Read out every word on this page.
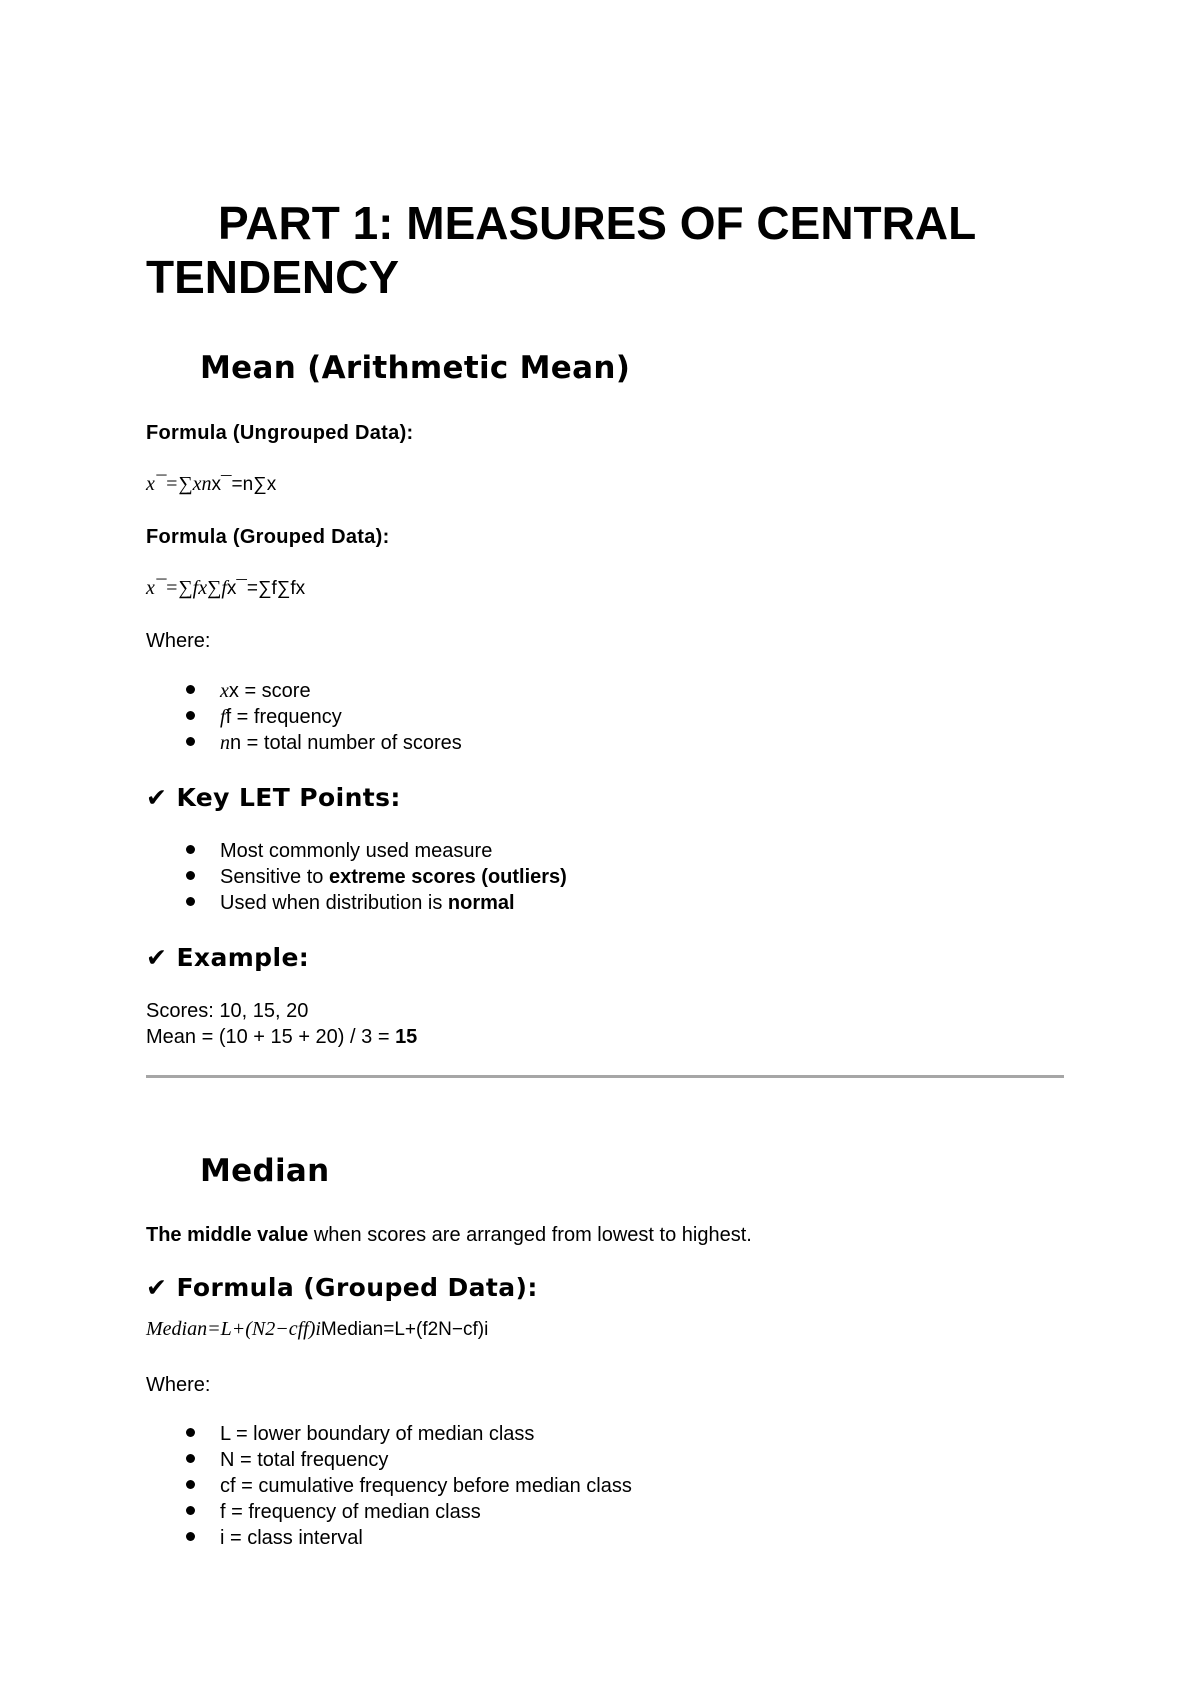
PART 1: MEASURES OF CENTRAL
TENDENCY
Mean (Arithmetic Mean)
Formula (Ungrouped Data):
x¯=∑xnx¯=n∑x
Formula (Grouped Data):
x¯=∑fx∑fx¯=∑f∑fx
Where:
xx = score
ff = frequency
nn = total number of scores
✔ Key LET Points:
Most commonly used measure
Sensitive to extreme scores (outliers)
Used when distribution is normal
✔ Example:
Scores: 10, 15, 20
Mean = (10 + 15 + 20) / 3 = 15
Median
The middle value when scores are arranged from lowest to highest.
✔ Formula (Grouped Data):
Median=L+(N2−cff)iMedian=L+(f2N−cf)i
Where:
L = lower boundary of median class
N = total frequency
cf = cumulative frequency before median class
f = frequency of median class
i = class interval
